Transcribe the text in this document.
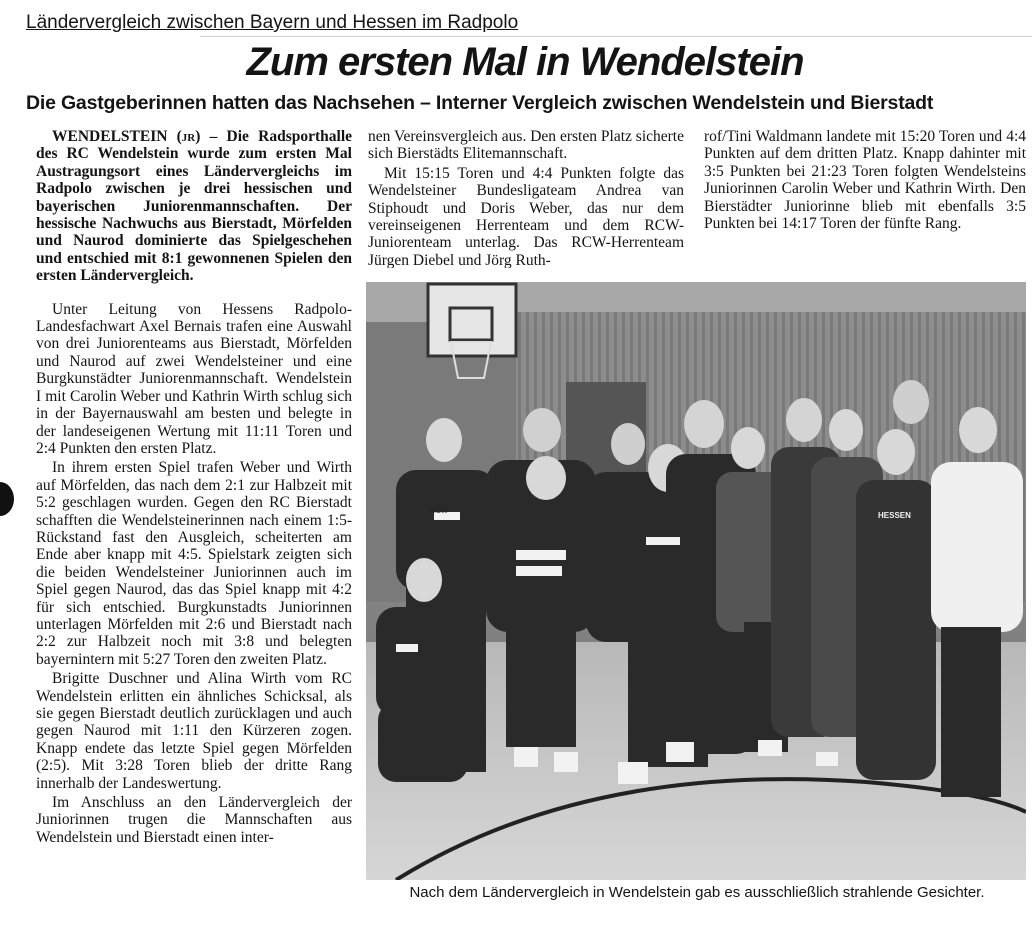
Ländervergleich zwischen Bayern und Hessen im Radpolo
Zum ersten Mal in Wendelstein
Die Gastgeberinnen hatten das Nachsehen – Interner Vergleich zwischen Wendelstein und Bierstadt

WENDELSTEIN (jr) – Die Radsporthalle des RC Wendelstein wurde zum ersten Mal Austragungsort eines Ländervergleichs im Radpolo zwischen je drei hessischen und bayerischen Juniorenmannschaften. Der hessische Nachwuchs aus Bierstadt, Mörfelden und Naurod dominierte das Spielgeschehen und entschied mit 8:1 gewonnenen Spielen den ersten Ländervergleich.

Unter Leitung von Hessens Radpolo-Landesfachwart Axel Bernais trafen eine Auswahl von drei Juniorenteams aus Bierstadt, Mörfelden und Naurod auf zwei Wendelsteiner und eine Burgkunstädter Juniorenmannschaft. Wendelstein I mit Carolin Weber und Kathrin Wirth schlug sich in der Bayernauswahl am besten und belegte in der landeseigenen Wertung mit 11:11 Toren und 2:4 Punkten den ersten Platz.

In ihrem ersten Spiel trafen Weber und Wirth auf Mörfelden, das nach dem 2:1 zur Halbzeit mit 5:2 geschlagen wurden. Gegen den RC Bierstadt schafften die Wendelsteinerinnen nach einem 1:5-Rückstand fast den Ausgleich, scheiterten am Ende aber knapp mit 4:5. Spielstark zeigten sich die beiden Wendelsteiner Juniorinnen auch im Spiel gegen Naurod, das das Spiel knapp mit 4:2 für sich entschied. Burgkunstadts Juniorinnen unterlagen Mörfelden mit 2:6 und Bierstadt nach 2:2 zur Halbzeit noch mit 3:8 und belegten bayernintern mit 5:27 Toren den zweiten Platz.

Brigitte Duschner und Alina Wirth vom RC Wendelstein erlitten ein ähnliches Schicksal, als sie gegen Bierstadt deutlich zurücklagen und auch gegen Naurod mit 1:11 den Kürzeren zogen. Knapp endete das letzte Spiel gegen Mörfelden (2:5). Mit 3:28 Toren blieb der dritte Rang innerhalb der Landeswertung.

Im Anschluss an den Ländervergleich der Juniorinnen trugen die Mannschaften aus Wendelstein und Bierstadt einen inter-

nen Vereinsvergleich aus. Den ersten Platz sicherte sich Bierstädts Elitemannschaft.

Mit 15:15 Toren und 4:4 Punkten folgte das Wendelsteiner Bundesligateam Andrea van Stiphoudt und Doris Weber, das nur dem vereinseigenen Herrenteam und dem RCW-Juniorenteam unterlag. Das RCW-Herrenteam Jürgen Diebel und Jörg Ruth-

rof/Tini Waldmann landete mit 15:20 Toren und 4:4 Punkten auf dem dritten Platz. Knapp dahinter mit 3:5 Punkten bei 21:23 Toren folgten Wendelsteins Juniorinnen Carolin Weber und Kathrin Wirth. Den Bierstädter Juniorinne blieb mit ebenfalls 3:5 Punkten bei 14:17 Toren der fünfte Rang.

RCW	HESSEN
Nach dem Ländervergleich in Wendelstein gab es ausschließlich strahlende Gesichter.
